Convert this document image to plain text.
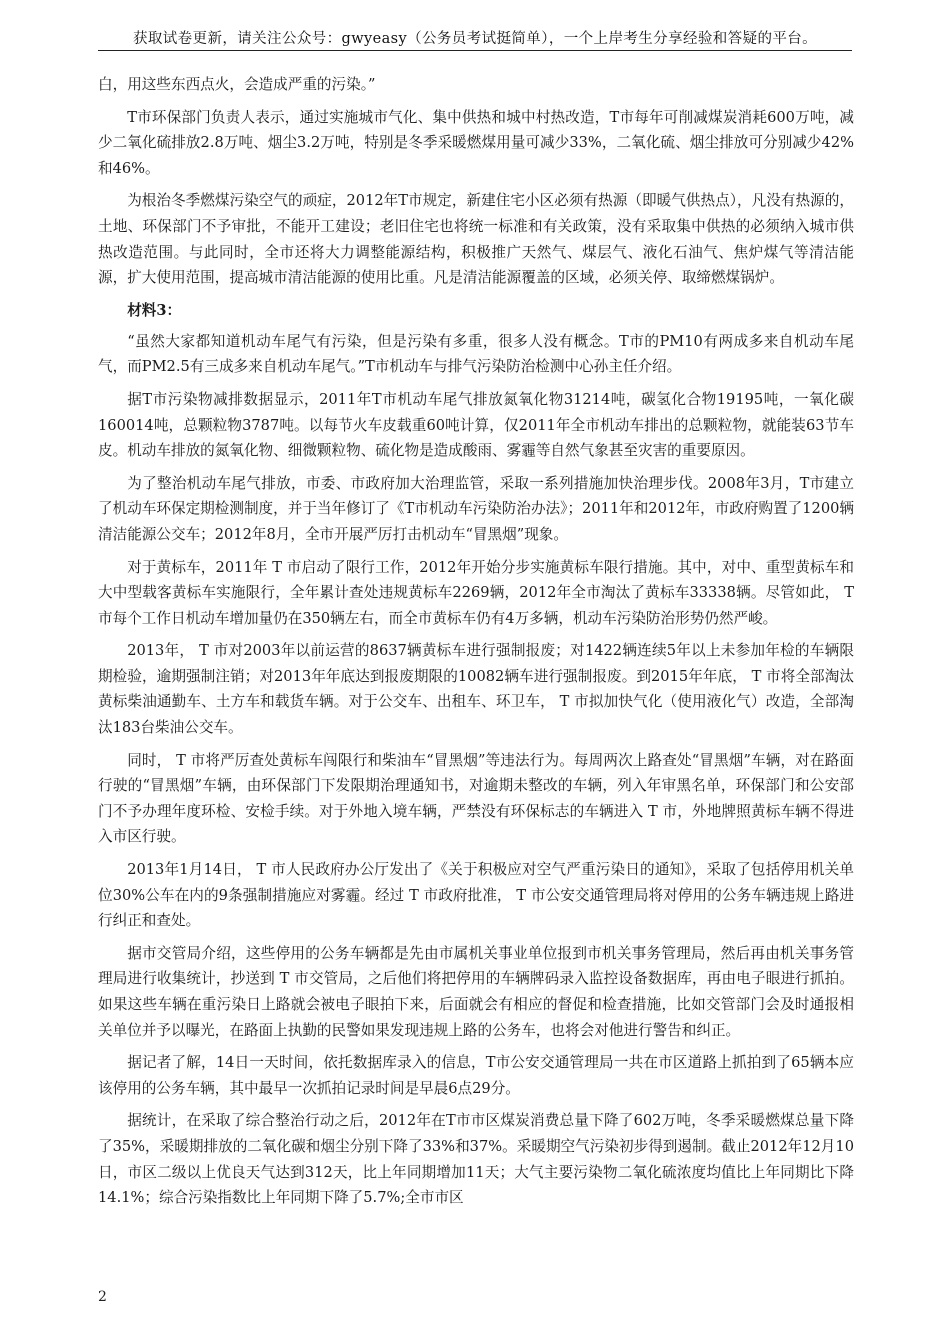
获取试卷更新，请关注公众号：gwyeasy（公务员考试挺简单），一个上岸考生分享经验和答疑的平台。

白，用这些东西点火，会造成严重的污染。”

T市环保部门负责人表示，通过实施城市气化、集中供热和城中村热改造，T市每年可削减煤炭消耗600万吨，减少二氧化硫排放2.8万吨、烟尘3.2万吨，特别是冬季采暖燃煤用量可减少33%，二氧化硫、烟尘排放可分别减少42%和46%。

为根治冬季燃煤污染空气的顽症，2012年T市规定，新建住宅小区必须有热源（即暖气供热点），凡没有热源的，土地、环保部门不予审批，不能开工建设；老旧住宅也将统一标准和有关政策，没有采取集中供热的必须纳入城市供热改造范围。与此同时，全市还将大力调整能源结构，积极推广天然气、煤层气、液化石油气、焦炉煤气等清洁能源，扩大使用范围，提高城市清洁能源的使用比重。凡是清洁能源覆盖的区域，必须关停、取缔燃煤锅炉。

材料3：

“虽然大家都知道机动车尾气有污染，但是污染有多重，很多人没有概念。T市的PM10有两成多来自机动车尾气，而PM2.5有三成多来自机动车尾气。”T市机动车与排气污染防治检测中心孙主任介绍。

据T市污染物减排数据显示，2011年T市机动车尾气排放氮氧化物31214吨，碳氢化合物19195吨，一氧化碳160014吨，总颗粒物3787吨。以每节火车皮载重60吨计算，仅2011年全市机动车排出的总颗粒物，就能装63节车皮。机动车排放的氮氧化物、细微颗粒物、硫化物是造成酸雨、雾霾等自然气象甚至灾害的重要原因。

为了整治机动车尾气排放，市委、市政府加大治理监管，采取一系列措施加快治理步伐。2008年3月，T市建立了机动车环保定期检测制度，并于当年修订了《T市机动车污染防治办法》；2011年和2012年，市政府购置了1200辆清洁能源公交车；2012年8月，全市开展严厉打击机动车“冒黑烟”现象。

对于黄标车，2011年 T 市启动了限行工作，2012年开始分步实施黄标车限行措施。其中，对中、重型黄标车和大中型载客黄标车实施限行，全年累计查处违规黄标车2269辆，2012年全市淘汰了黄标车33338辆。尽管如此， T 市每个工作日机动车增加量仍在350辆左右，而全市黄标车仍有4万多辆，机动车污染防治形势仍然严峻。

2013年， T 市对2003年以前运营的8637辆黄标车进行强制报废；对1422辆连续5年以上未参加年检的车辆限期检验，逾期强制注销；对2013年年底达到报废期限的10082辆车进行强制报废。到2015年年底， T 市将全部淘汰黄标柴油通勤车、土方车和载货车辆。对于公交车、出租车、环卫车， T 市拟加快气化（使用液化气）改造，全部淘汰183台柴油公交车。

同时， T 市将严厉查处黄标车闯限行和柴油车“冒黑烟”等违法行为。每周两次上路查处“冒黑烟”车辆，对在路面行驶的“冒黑烟”车辆，由环保部门下发限期治理通知书，对逾期未整改的车辆，列入年审黑名单，环保部门和公安部门不予办理年度环检、安检手续。对于外地入境车辆，严禁没有环保标志的车辆进入 T 市，外地牌照黄标车辆不得进入市区行驶。

2013年1月14日， T 市人民政府办公厅发出了《关于积极应对空气严重污染日的通知》，采取了包括停用机关单位30%公车在内的9条强制措施应对雾霾。经过 T 市政府批准， T 市公安交通管理局将对停用的公务车辆违规上路进行纠正和查处。

据市交管局介绍，这些停用的公务车辆都是先由市属机关事业单位报到市机关事务管理局，然后再由机关事务管理局进行收集统计，抄送到 T 市交管局，之后他们将把停用的车辆牌码录入监控设备数据库，再由电子眼进行抓拍。如果这些车辆在重污染日上路就会被电子眼拍下来，后面就会有相应的督促和检查措施，比如交管部门会及时通报相关单位并予以曝光，在路面上执勤的民警如果发现违规上路的公务车，也将会对他进行警告和纠正。

据记者了解，14日一天时间，依托数据库录入的信息，T市公安交通管理局一共在市区道路上抓拍到了65辆本应该停用的公务车辆，其中最早一次抓拍记录时间是早晨6点29分。

据统计，在采取了综合整治行动之后，2012年在T市市区煤炭消费总量下降了602万吨，冬季采暖燃煤总量下降了35%，采暖期排放的二氧化碳和烟尘分别下降了33%和37%。采暖期空气污染初步得到遏制。截止2012年12月10日，市区二级以上优良天气达到312天，比上年同期增加11天；大气主要污染物二氧化硫浓度均值比上年同期比下降14.1%；综合污染指数比上年同期下降了5.7%;全市市区

2
